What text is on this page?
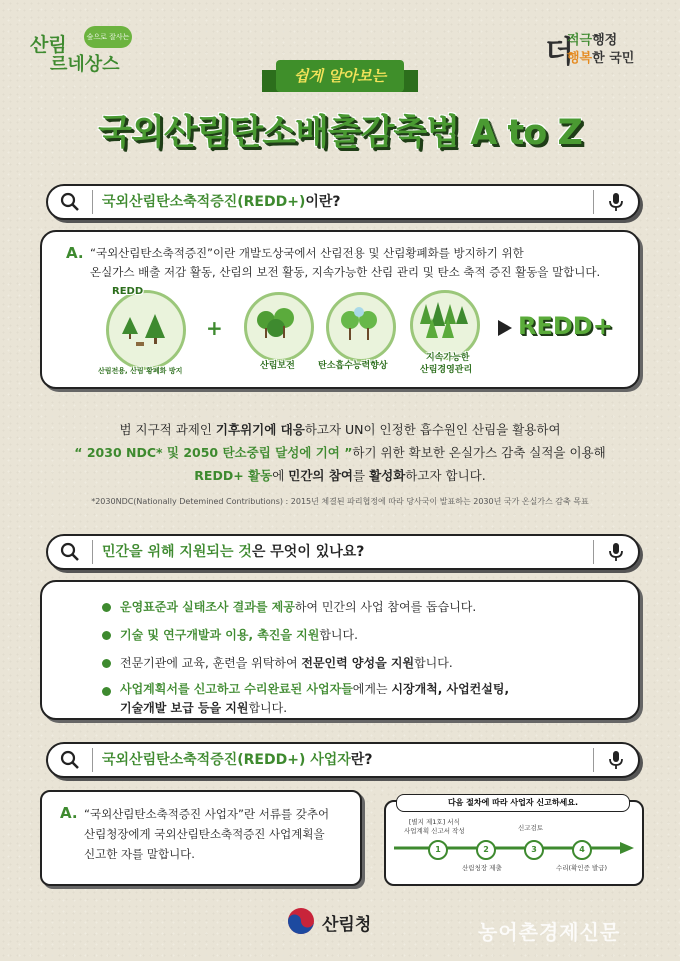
산림	숲으로 잘사는
르네상스	더
적극행정
행복한 국민
쉽게 알아보는
국외산림탄소배출감축법 A to Z
국외산림탄소축적증진(REDD+)이란?
A. “국외산림탄소축적증진”이란 개발도상국에서 산림전용 및 산림황폐화를 방지하기 위한
온실가스 배출 저감 활동, 산림의 보전 활동, 지속가능한 산림 관리 및 탄소 축적 증진 활동을 말합니다.
REDD
산림전용, 산림 황폐화 방지
+
산림보전	탄소흡수능력향상
지속가능한
산림경영관리
REDD+
범 지구적 과제인 기후위기에 대응하고자 UN이 인정한 흡수원인 산림을 활용하여
“ 2030 NDC* 및 2050 탄소중립 달성에 기여 ”하기 위한 확보한 온실가스 감축 실적을 이용해
REDD+ 활동에 민간의 참여를 활성화하고자 합니다.
*2030NDC(Nationally Detemined Contributions) : 2015년 체결된 파리협정에 따라 당사국이 발표하는 2030년 국가 온실가스 감축 목표
민간을 위해 지원되는 것은 무엇이 있나요?
운영표준과 실태조사 결과를 제공하여 민간의 사업 참여를 돕습니다.
기술 및 연구개발과 이용, 촉진을 지원합니다.
전문기관에 교육, 훈련을 위탁하여 전문인력 양성을 지원합니다.
사업계획서를 신고하고 수리완료된 사업자들에게는 시장개척, 사업컨설팅,
기술개발 보급 등을 지원합니다.
국외산림탄소축적증진(REDD+) 사업자란?
A. “국외산림탄소축적증진 사업자”란 서류를 갖추어
산림청장에게 국외산림탄소축적증진 사업계획을
신고한 자를 말합니다.
다음 절차에 따라 사업자 신고하세요.
1	2	3	4
[별지 제1호] 서식
사업계획 신고서 작성
산림청장 제출
신고검토
수리(확인증 발급)
산림청	농어촌경제신문
